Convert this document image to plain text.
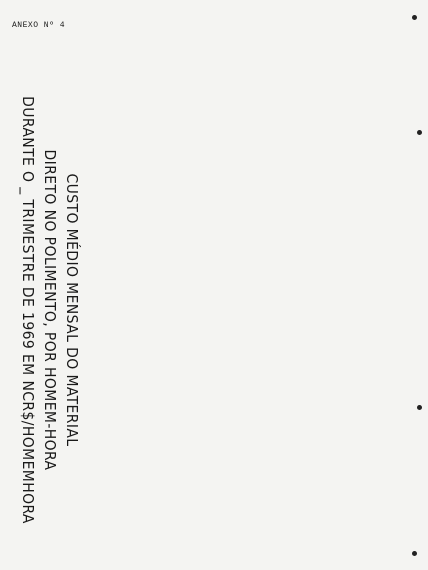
ANEXO Nº 4
CUSTO MÉDIO MENSAL DO MATERIAL
DIRETO NO POLIMENTO, POR HOMEM-HORA
DURANTE O _ TRIMESTRE DE 1969 EM NCR$/HOMEMHORA
